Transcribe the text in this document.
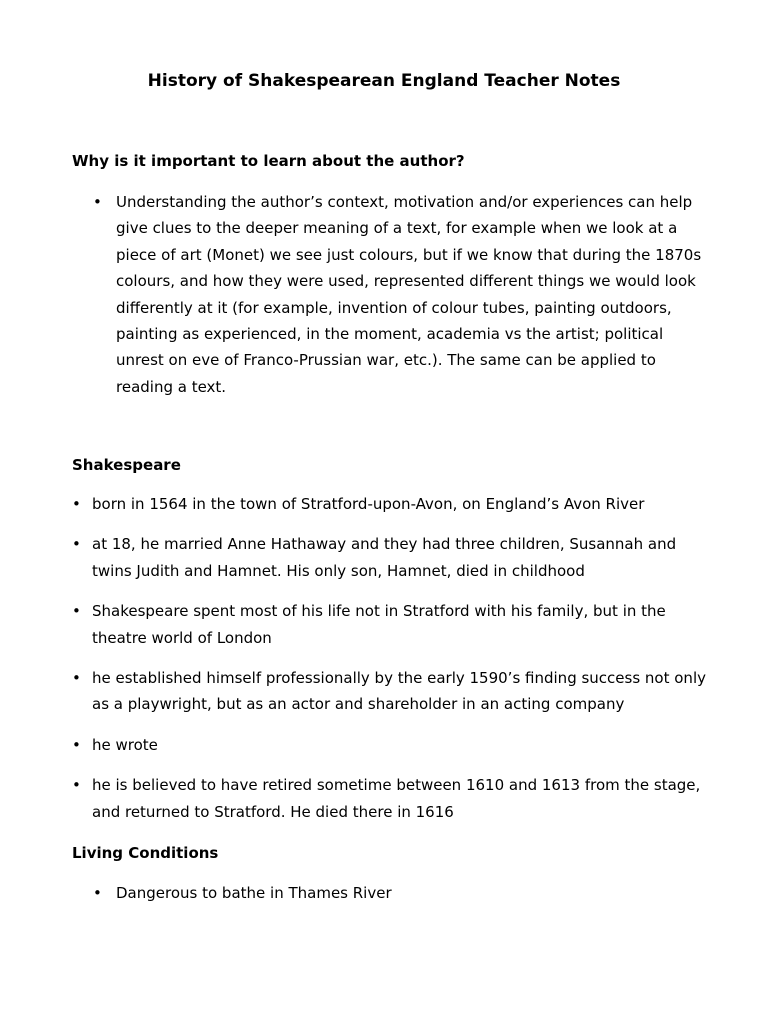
History of Shakespearean England Teacher Notes
Why is it important to learn about the author?
• Understanding the author’s context, motivation and/or experiences can help give clues to the deeper meaning of a text, for example when we look at a piece of art (Monet) we see just colours, but if we know that during the 1870s colours, and how they were used, represented different things we would look differently at it (for example, invention of colour tubes, painting outdoors, painting as experienced, in the moment, academia vs the artist; political unrest on eve of Franco-Prussian war, etc.). The same can be applied to reading a text.
Shakespeare
• born in 1564 in the town of Stratford-upon-Avon, on England’s Avon River
• at 18, he married Anne Hathaway and they had three children, Susannah and twins Judith and Hamnet. His only son, Hamnet, died in childhood
• Shakespeare spent most of his life not in Stratford with his family, but in the theatre world of London
• he established himself professionally by the early 1590’s finding success not only as a playwright, but as an actor and shareholder in an acting company
• he wrote
• he is believed to have retired sometime between 1610 and 1613 from the stage, and returned to Stratford. He died there in 1616
Living Conditions
• Dangerous to bathe in Thames River
